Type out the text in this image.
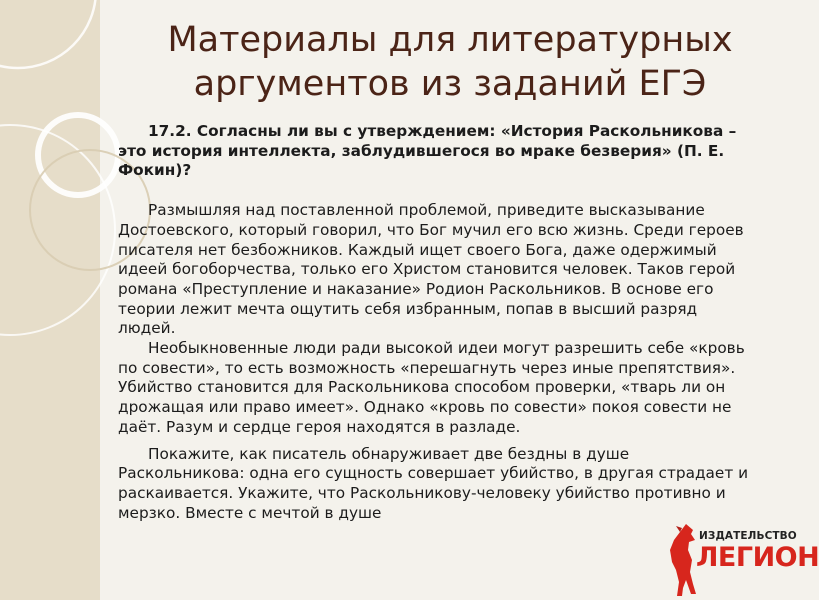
Материалы для литературных
аргументов из заданий ЕГЭ

17.2. Согласны ли вы с утверждением: «История Раскольникова – это история интеллекта, заблудившегося во мраке безверия» (П. Е. Фокин)?

Размышляя над поставленной проблемой, приведите высказывание Достоевского, который говорил, что Бог мучил его всю жизнь. Среди героев писателя нет безбожников. Каждый ищет своего Бога, даже одержимый идеей богоборчества, только его Христом становится человек. Таков герой романа «Преступление и наказание» Родион Раскольников. В основе его теории лежит мечта ощутить себя избранным, попав в высший разряд людей.

Необыкновенные люди ради высокой идеи могут разрешить себе «кровь по совести», то есть возможность «перешагнуть через иные препятствия». Убийство становится для Раскольникова способом проверки, «тварь ли он дрожащая или право имеет». Однако «кровь по совести» покоя совести не даёт. Разум и сердце героя находятся в разладе.

Покажите, как писатель обнаруживает две бездны в душе Раскольникова: одна его сущность совершает убийство, в другая страдает и раскаивается. Укажите, что Раскольникову-человеку убийство противно и мерзко. Вместе с мечтой в душе

ИЗДАТЕЛЬСТВО
ЛЕГИОН
